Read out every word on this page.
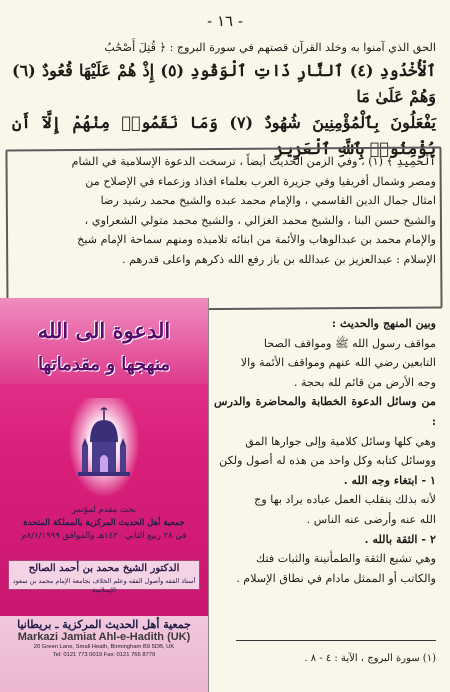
- ١٦ -

الحق الذي آمنوا به وخلد القرآن قصتهم في سورة البروج : ﴿ قُتِلَ أَصْحَٰبُ

ٱلْأُخْدُودِ (٤) ٱلنَّارِ ذَاتِ ٱلْوَقُودِ (٥) إِذْ هُمْ عَلَيْهَا قُعُودٌ (٦) وَهُمْ عَلَىٰ مَا

يَفْعَلُونَ بِٱلْمُؤْمِنِينَ شُهُودٌ (٧) وَمَا نَقَمُوا۟ مِنْهُمْ إِلَّآ أَن يُؤْمِنُوا۟ بِٱللَّهِ ٱلْعَزِيزِ

ٱلْحَمِيدِ ﴾ (١) ، وفي الزمن الحديث أيضاً ، ترسخت الدعوة الإسلامية في الشام

ومصر وشمال أفريقيا وفي جزيرة العرب بعلماء افذاذ وزعماء في الإصلاح من

امثال جمال الدين القاسمي ، والإمام محمد عبده والشيخ محمد رشيد رضا

والشيخ حسن البنا ، والشيخ محمد الغزالي ، والشيخ محمد متولي الشعراوي ،

والإمام محمد بن عبدالوهاب والأئمة من ابنائه تلاميذه ومنهم سماحة الإمام شيخ

الإسلام : عبدالعزيز بن عبدالله بن باز رفع الله ذكرهم واعلى قدرهم .

وبين المنهج والحديث :

مواقف رسول الله ﷺ ومواقف الصحا

التابعين رضي الله عنهم ومواقف الأئمة والا

وجه الأرض من قائم لله بحجة .

من وسائل الدعوة الخطابة والمحاضرة والدرس :

وهي كلها وسائل كلامية وإلى جوارها المق

ووسائل كتابه وكل واحد من هذه له أصول ولكن

١ - ابتغاء وجه الله .

لأنه بذلك ينقلب العمل عباده يراد بها وج

الله عنه وأرضى عنه الناس .

٢ - الثقة بالله .

وهي تشيع الثقة والطمأنينة والثبات فتك

والكاتب أو الممثل مادام في نطاق الإسلام .

(١) سورة البروج ، الآية : ٤ - ٨ .
الدعوة الى الله
منهجها و مقدماتها
بحث مقدم لمؤتمر
جمعية أهل الحديث المركزية بالمملكة المتحدة
في ٢٨ ربيع الثاني ١٤٢٠هـ والموافق ٨/١/١٩٩٩م
الدكتور الشيخ محمد بن أحمد الصالح
أستاذ الفقه وأصول الفقه وعلم الخلاف بجامعة الإمام محمد بن سعود الإسلامية
جمعية أهل الحديث المركزية ـ بريطانيا
Markazi Jamiat Ahl-e-Hadith (UK)
20 Green Lane, Small Heath, Birmingham B9 5DB, UK
Tel: 0121 773 0019 Fax: 0121 766 8779
